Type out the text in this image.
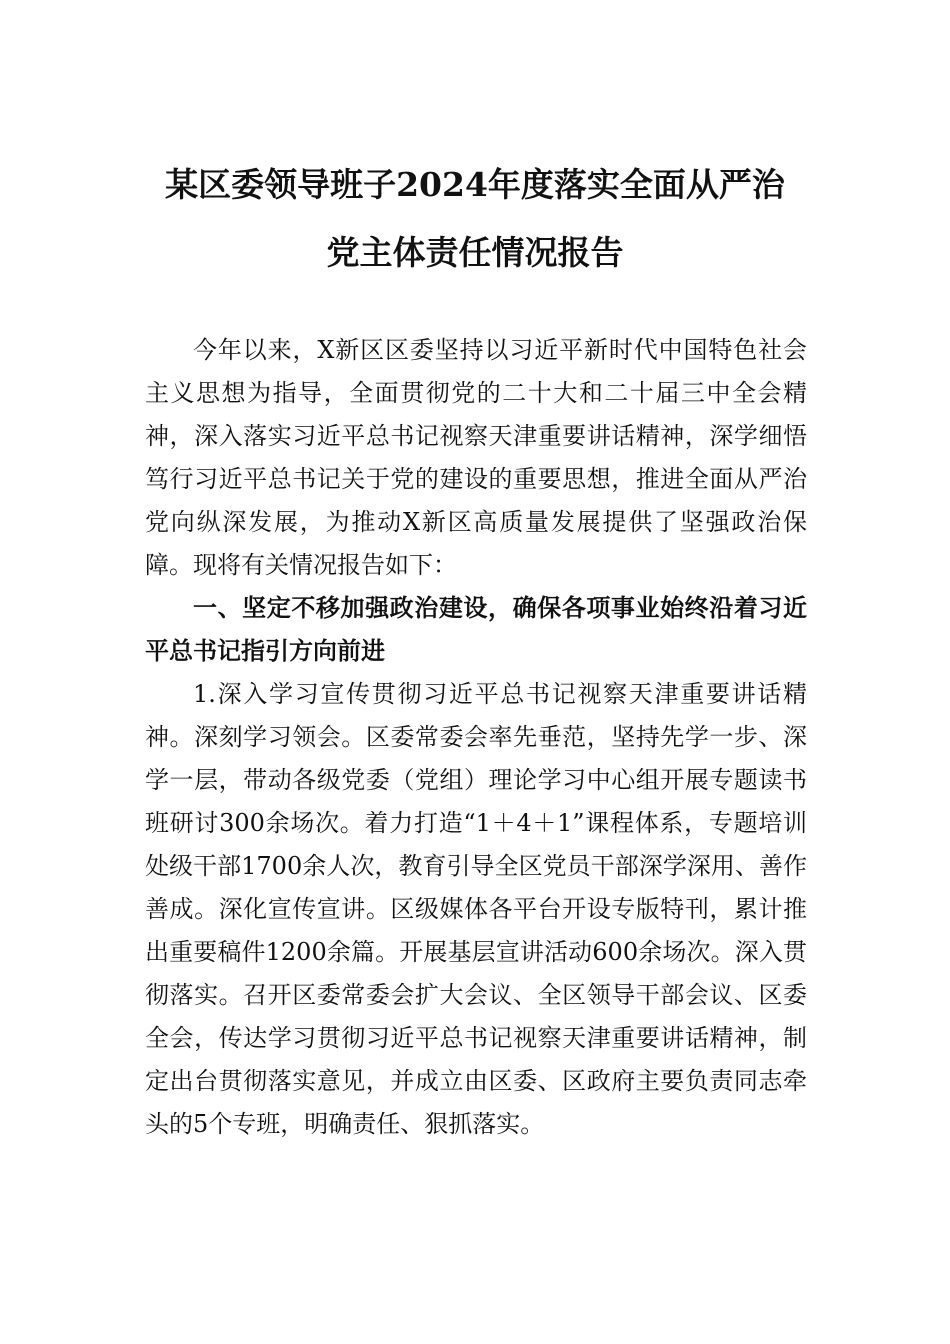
某区委领导班子2024年度落实全面从严治
党主体责任情况报告

今年以来，X新区区委坚持以习近平新时代中国特色社会主义思想为指导，全面贯彻党的二十大和二十届三中全会精神，深入落实习近平总书记视察天津重要讲话精神，深学细悟笃行习近平总书记关于党的建设的重要思想，推进全面从严治党向纵深发展，为推动X新区高质量发展提供了坚强政治保障。现将有关情况报告如下：

一、坚定不移加强政治建设，确保各项事业始终沿着习近平总书记指引方向前进

1.深入学习宣传贯彻习近平总书记视察天津重要讲话精神。深刻学习领会。区委常委会率先垂范，坚持先学一步、深学一层，带动各级党委（党组）理论学习中心组开展专题读书班研讨300余场次。着力打造“1＋4＋1”课程体系，专题培训处级干部1700余人次，教育引导全区党员干部深学深用、善作善成。深化宣传宣讲。区级媒体各平台开设专版特刊，累计推出重要稿件1200余篇。开展基层宣讲活动600余场次。深入贯彻落实。召开区委常委会扩大会议、全区领导干部会议、区委全会，传达学习贯彻习近平总书记视察天津重要讲话精神，制定出台贯彻落实意见，并成立由区委、区政府主要负责同志牵头的5个专班，明确责任、狠抓落实。
